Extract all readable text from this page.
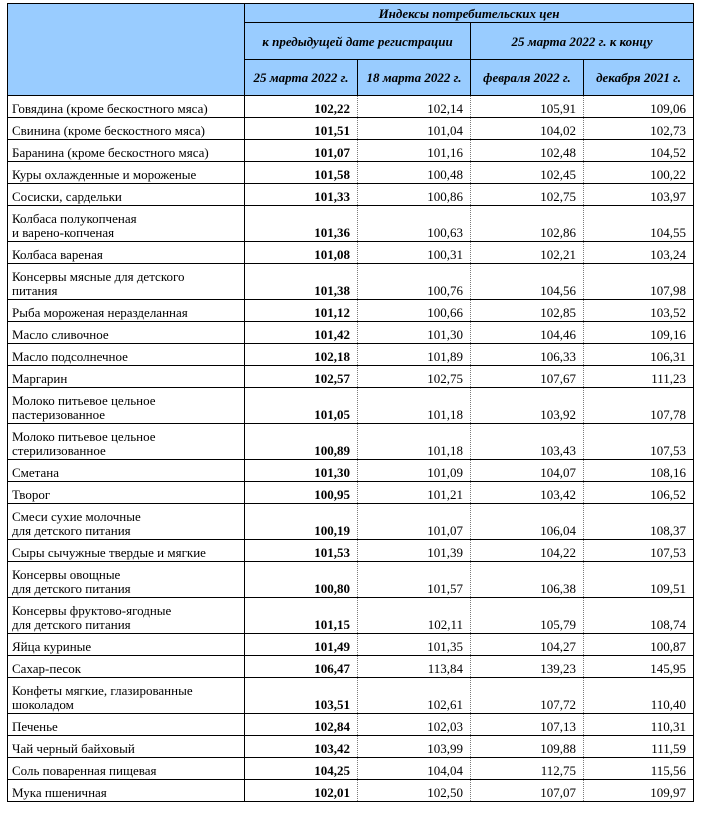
	Индексы потребительских цен			
	к предыдущей дате регистрации		25 марта 2022 г. к концу	
	25 марта 2022 г.	18 марта 2022 г.	февраля 2022 г.	декабря 2021 г.
Говядина (кроме бескостного мяса)	102,22	102,14	105,91	109,06
Свинина (кроме бескостного мяса)	101,51	101,04	104,02	102,73
Баранина (кроме бескостного мяса)	101,07	101,16	102,48	104,52
Куры охлажденные и мороженые	101,58	100,48	102,45	100,22
Сосиски, сардельки	101,33	100,86	102,75	103,97
Колбаса полукопченая
и варено-копченая	101,36	100,63	102,86	104,55
Колбаса вареная	101,08	100,31	102,21	103,24
Консервы мясные для детского
питания	101,38	100,76	104,56	107,98
Рыба мороженая неразделанная	101,12	100,66	102,85	103,52
Масло сливочное	101,42	101,30	104,46	109,16
Масло подсолнечное	102,18	101,89	106,33	106,31
Маргарин	102,57	102,75	107,67	111,23
Молоко питьевое цельное
пастеризованное	101,05	101,18	103,92	107,78
Молоко питьевое цельное
стерилизованное	100,89	101,18	103,43	107,53
Сметана	101,30	101,09	104,07	108,16
Творог	100,95	101,21	103,42	106,52
Смеси сухие молочные
для детского питания	100,19	101,07	106,04	108,37
Сыры сычужные твердые и мягкие	101,53	101,39	104,22	107,53
Консервы овощные
для детского питания	100,80	101,57	106,38	109,51
Консервы фруктово-ягодные
для детского питания	101,15	102,11	105,79	108,74
Яйца куриные	101,49	101,35	104,27	100,87
Сахар-песок	106,47	113,84	139,23	145,95
Конфеты мягкие, глазированные
шоколадом	103,51	102,61	107,72	110,40
Печенье	102,84	102,03	107,13	110,31
Чай черный байховый	103,42	103,99	109,88	111,59
Соль поваренная пищевая	104,25	104,04	112,75	115,56
Мука пшеничная	102,01	102,50	107,07	109,97
